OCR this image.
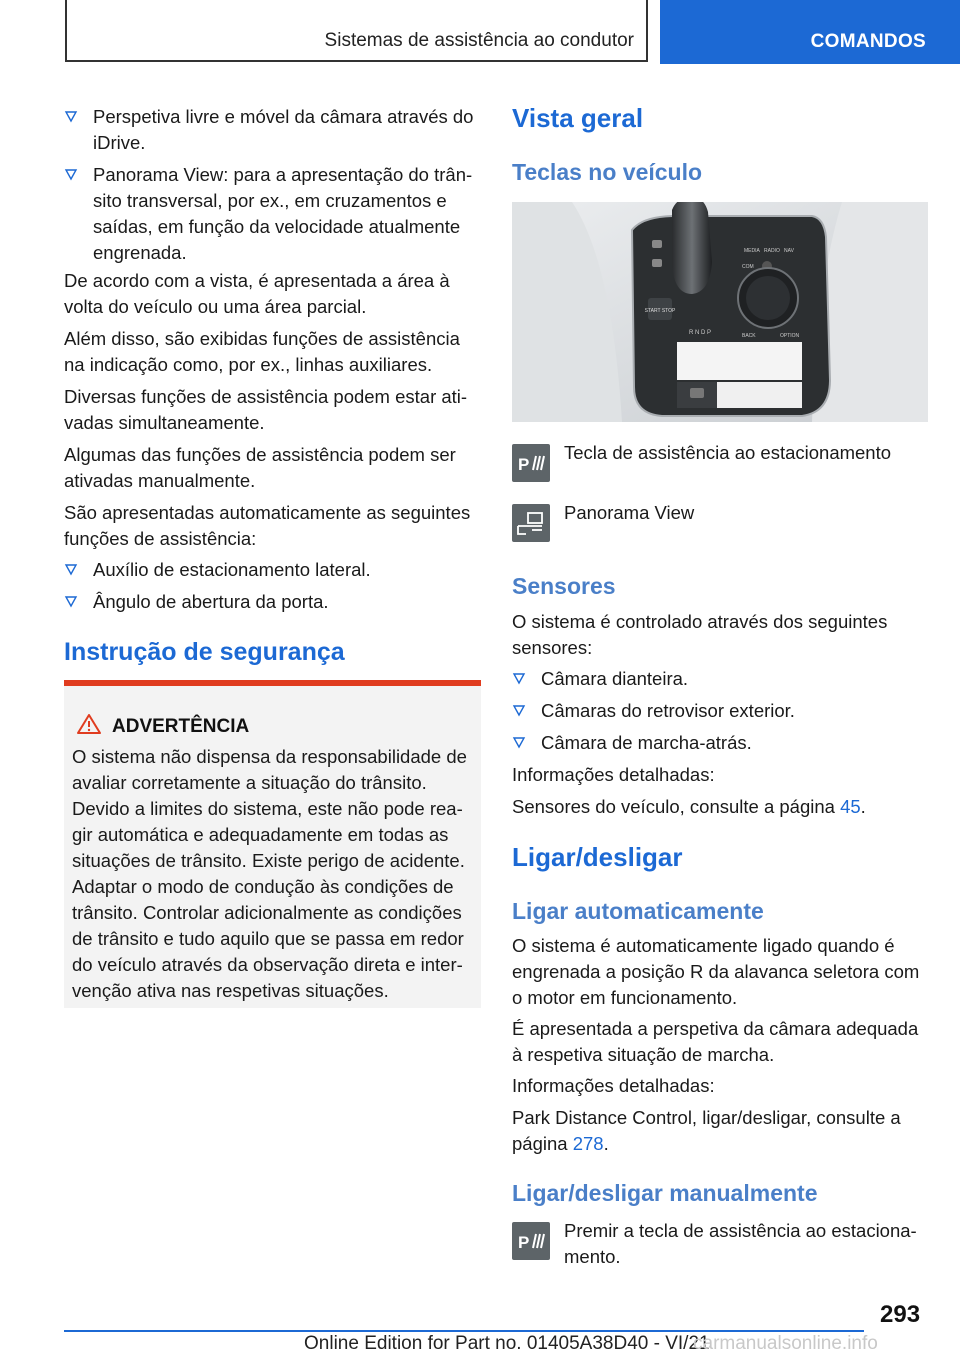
Sistemas de assistência ao condutor	COMANDOS
Perspetiva livre e móvel da câmara através do iDrive.
Panorama View: para a apresentação do trânsito transversal, por ex., em cruzamentos e saídas, em função da velocidade atualmente engrenada.

De acordo com a vista, é apresentada a área à volta do veículo ou uma área parcial.

Além disso, são exibidas funções de assistência na indicação como, por ex., linhas auxiliares.

Diversas funções de assistência podem estar ativadas simultaneamente.

Algumas das funções de assistência podem ser ativadas manualmente.

São apresentadas automaticamente as seguintes funções de assistência:

Auxílio de estacionamento lateral.
Ângulo de abertura da porta.
Instrução de segurança
ADVERTÊNCIA
O sistema não dispensa da responsabilidade de avaliar corretamente a situação do trânsito. Devido a limites do sistema, este não pode reagir automática e adequadamente em todas as situações de trânsito. Existe perigo de acidente. Adaptar o modo de condução às condições de trânsito. Controlar adicionalmente as condições de trânsito e tudo aquilo que se passa em redor do veículo através da observação direta e intervenção ativa nas respetivas situações.
Vista geral
Teclas no veículo
START STOP
R N D P
MEDIA RADIO NAV
COM
BACK	OPTION
P
Tecla de assistência ao estacionamento
Panorama View
Sensores

O sistema é controlado através dos seguintes sensores:

Câmara dianteira.
Câmaras do retrovisor exterior.
Câmara de marcha-atrás.

Informações detalhadas:

Sensores do veículo, consulte a página 45.

Ligar/desligar
Ligar automaticamente

O sistema é automaticamente ligado quando é engrenada a posição R da alavanca seletora com o motor em funcionamento.

É apresentada a perspetiva da câmara adequada à respetiva situação de marcha.

Informações detalhadas:

Park Distance Control, ligar/desligar, consulte a página 278.

Ligar/desligar manualmente
P
Premir a tecla de assistência ao estacionamento.
293
Online Edition for Part no. 01405A38D40 - VI/21
carmanualsonline.info
